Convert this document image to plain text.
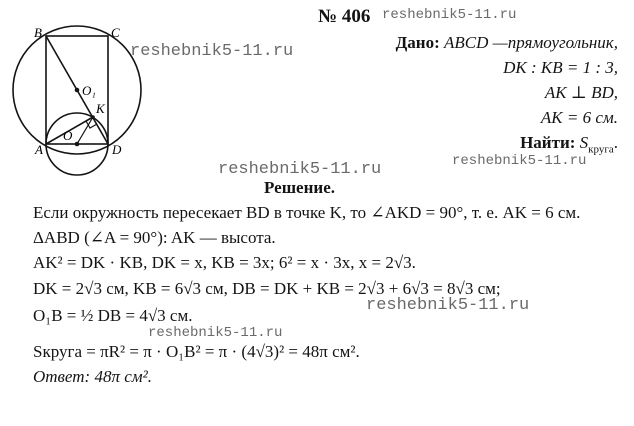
B	C
A	D
O₁
K
O
№ 406 reshebnik5-11.ru
reshebnik5-11.ru
reshebnik5-11.ru	reshebnik5-11.ru
reshebnik5-11.ru
reshebnik5-11.ru
Дано: ABCD —прямоугольник,
DK : KB = 1 : 3,
AK ⊥ BD,
AK = 6 см.
Найти: $S_{круга}$.
Решение.
Если окружность пересекает BD в точке K, то ∠AKD = 90°, т. е. AK = 6 см.
ΔABD (∠A = 90°): AK — высота.
AK² = DK · KB, DK = x, KB = 3x; 6² = x · 3x, x = 2√3.
DK = 2√3 см, KB = 6√3 см, DB = DK + KB = 2√3 + 6√3 = 8√3 см;
O₁B = ½ DB = 4√3 см.
Sкруга = πR² = π · O₁B² = π · (4√3)² = 48π см².
Ответ: 48π см².
